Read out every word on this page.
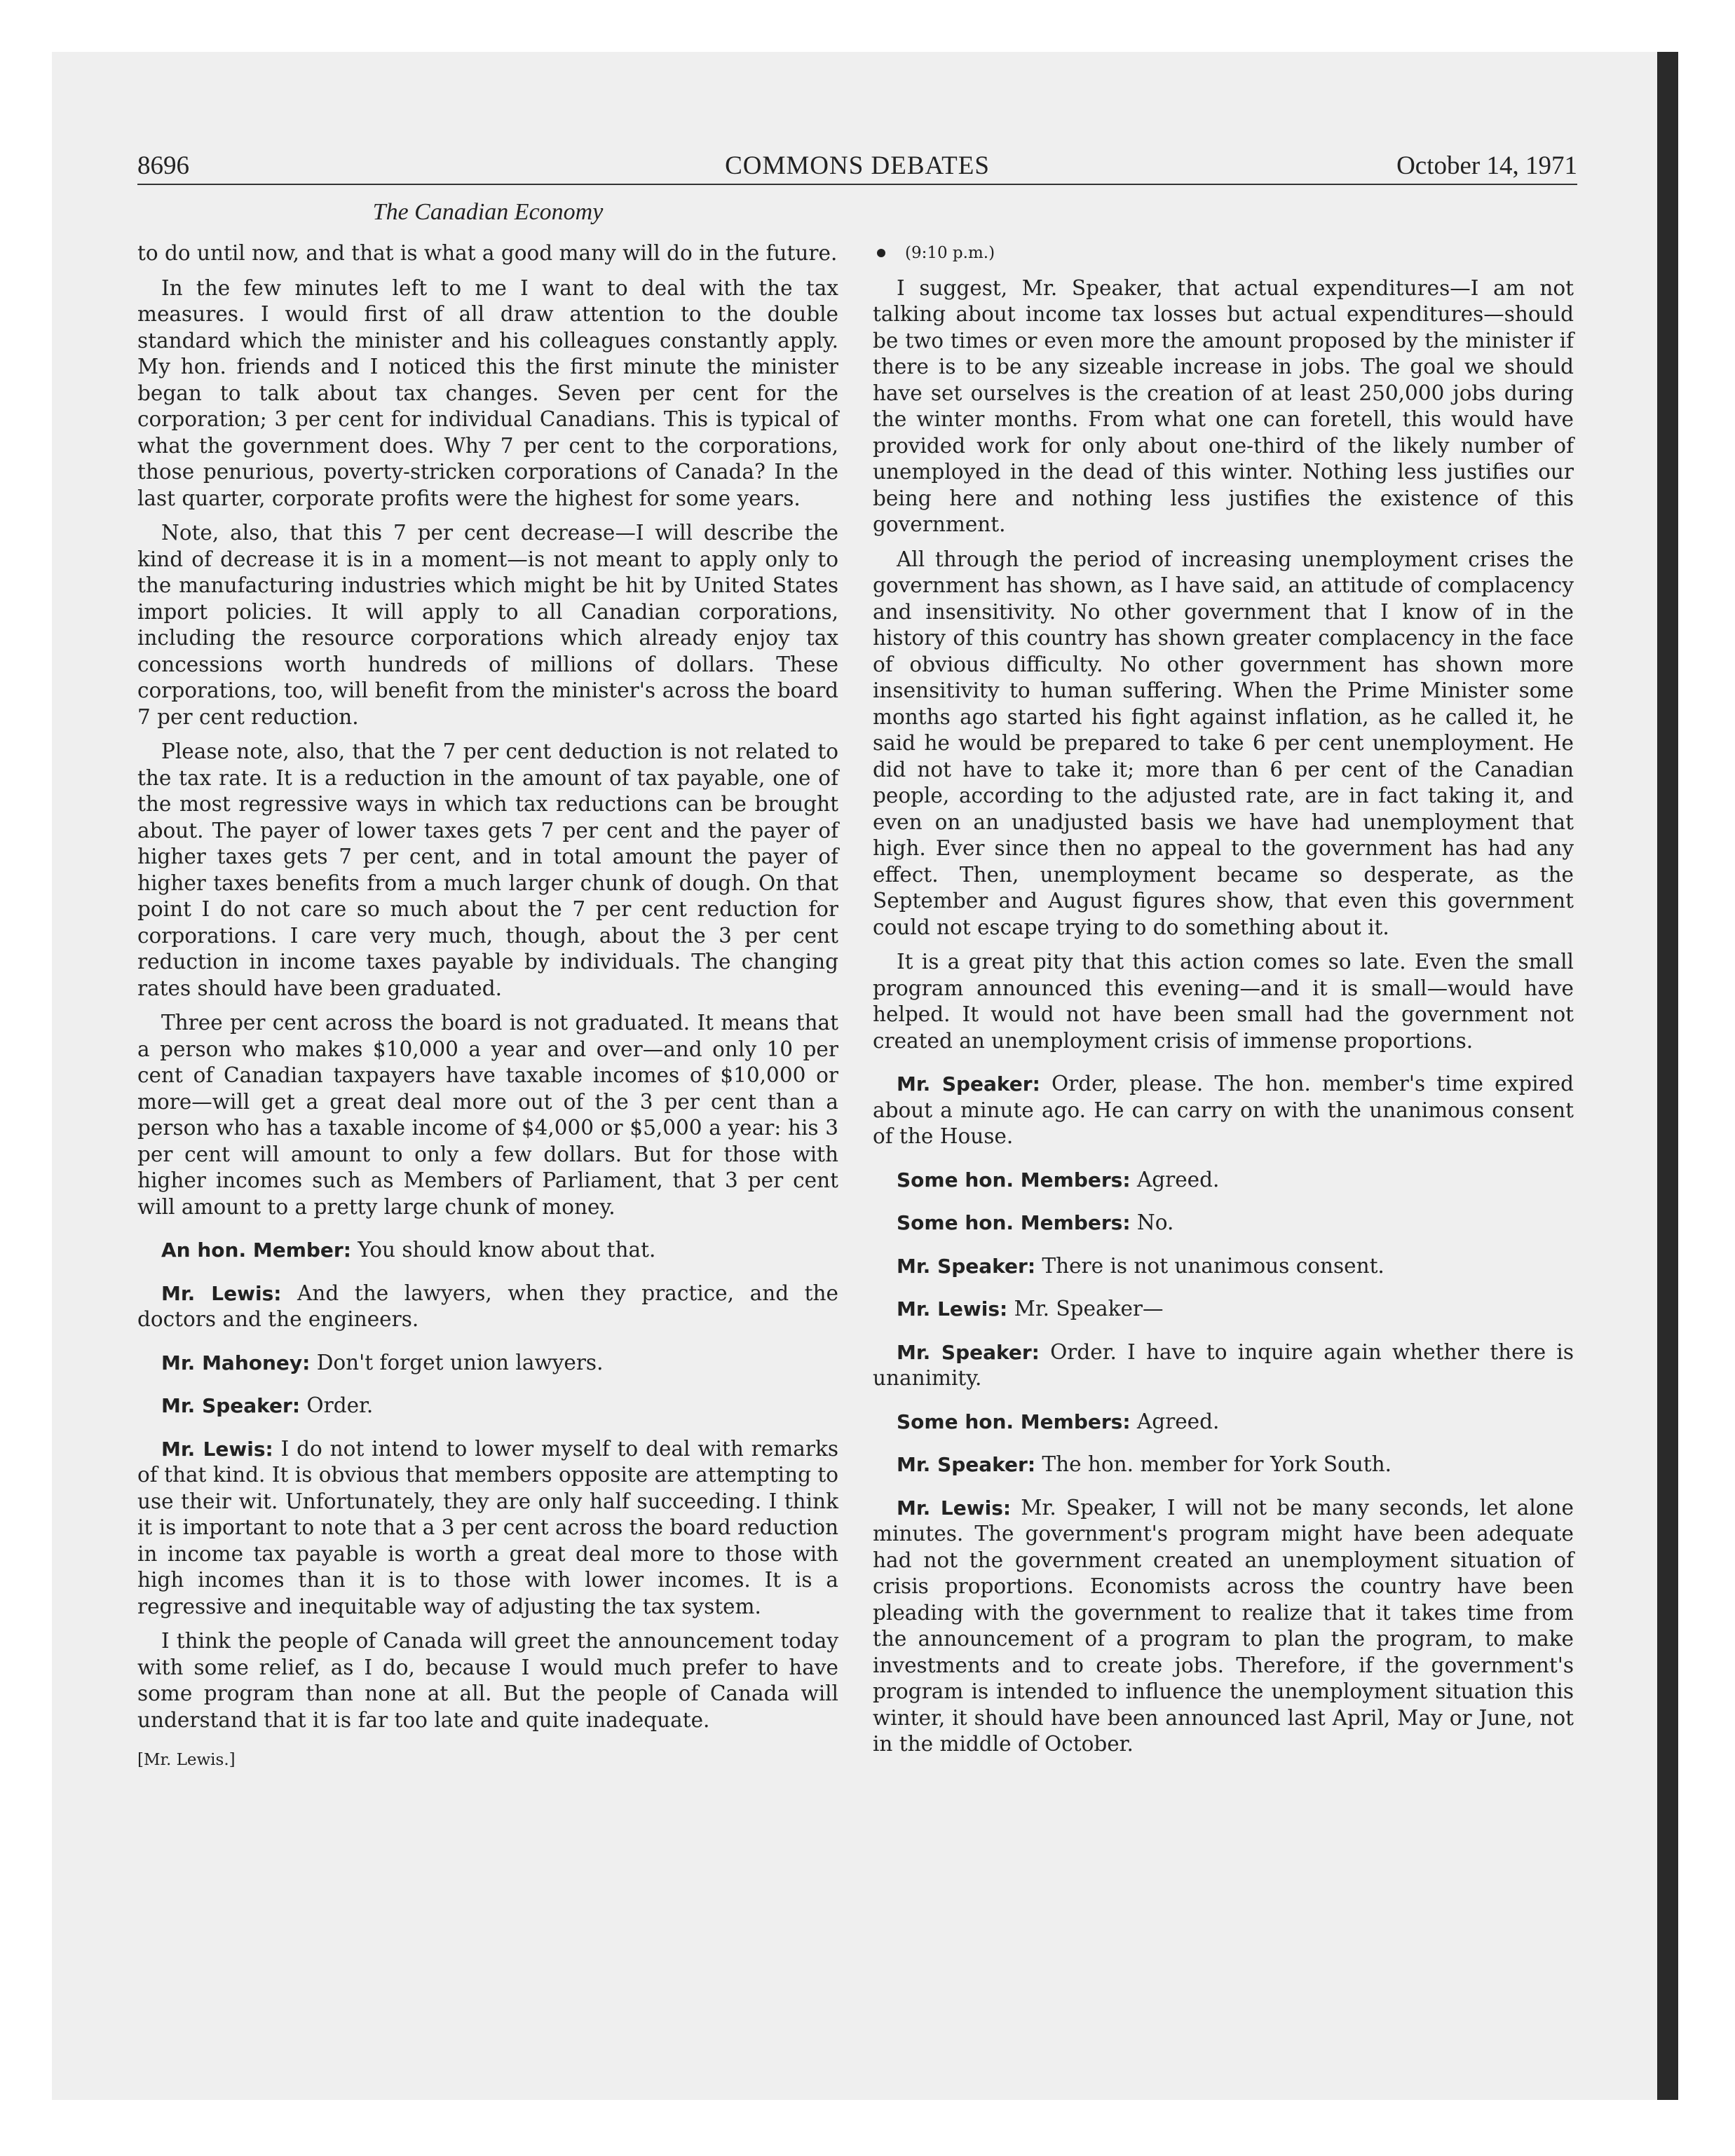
8696	COMMONS DEBATES	October 14, 1971
The Canadian Economy

to do until now, and that is what a good many will do in the future.

In the few minutes left to me I want to deal with the tax measures. I would first of all draw attention to the double standard which the minister and his colleagues constantly apply. My hon. friends and I noticed this the first minute the minister began to talk about tax changes. Seven per cent for the corporation; 3 per cent for individual Canadians. This is typical of what the government does. Why 7 per cent to the corporations, those penurious, poverty-stricken corporations of Canada? In the last quarter, corporate profits were the highest for some years.

Note, also, that this 7 per cent decrease—I will describe the kind of decrease it is in a moment—is not meant to apply only to the manufacturing industries which might be hit by United States import policies. It will apply to all Canadian corporations, including the resource corporations which already enjoy tax concessions worth hundreds of millions of dollars. These corporations, too, will benefit from the minister's across the board 7 per cent reduction.

Please note, also, that the 7 per cent deduction is not related to the tax rate. It is a reduction in the amount of tax payable, one of the most regressive ways in which tax reductions can be brought about. The payer of lower taxes gets 7 per cent and the payer of higher taxes gets 7 per cent, and in total amount the payer of higher taxes benefits from a much larger chunk of dough. On that point I do not care so much about the 7 per cent reduction for corporations. I care very much, though, about the 3 per cent reduction in income taxes payable by individuals. The changing rates should have been graduated.

Three per cent across the board is not graduated. It means that a person who makes $10,000 a year and over—and only 10 per cent of Canadian taxpayers have taxable incomes of $10,000 or more—will get a great deal more out of the 3 per cent than a person who has a taxable income of $4,000 or $5,000 a year: his 3 per cent will amount to only a few dollars. But for those with higher incomes such as Members of Parliament, that 3 per cent will amount to a pretty large chunk of money.

An hon. Member: You should know about that.

Mr. Lewis: And the lawyers, when they practice, and the doctors and the engineers.

Mr. Mahoney: Don't forget union lawyers.

Mr. Speaker: Order.

Mr. Lewis: I do not intend to lower myself to deal with remarks of that kind. It is obvious that members opposite are attempting to use their wit. Unfortunately, they are only half succeeding. I think it is important to note that a 3 per cent across the board reduction in income tax payable is worth a great deal more to those with high incomes than it is to those with lower incomes. It is a regressive and inequitable way of adjusting the tax system.

I think the people of Canada will greet the announcement today with some relief, as I do, because I would much prefer to have some program than none at all. But the people of Canada will understand that it is far too late and quite inadequate.

[Mr. Lewis.]

(9:10 p.m.)

I suggest, Mr. Speaker, that actual expenditures—I am not talking about income tax losses but actual expenditures—should be two times or even more the amount proposed by the minister if there is to be any sizeable increase in jobs. The goal we should have set ourselves is the creation of at least 250,000 jobs during the winter months. From what one can foretell, this would have provided work for only about one-third of the likely number of unemployed in the dead of this winter. Nothing less justifies our being here and nothing less justifies the existence of this government.

All through the period of increasing unemployment crises the government has shown, as I have said, an attitude of complacency and insensitivity. No other government that I know of in the history of this country has shown greater complacency in the face of obvious difficulty. No other government has shown more insensitivity to human suffering. When the Prime Minister some months ago started his fight against inflation, as he called it, he said he would be prepared to take 6 per cent unemployment. He did not have to take it; more than 6 per cent of the Canadian people, according to the adjusted rate, are in fact taking it, and even on an unadjusted basis we have had unemployment that high. Ever since then no appeal to the government has had any effect. Then, unemployment became so desperate, as the September and August figures show, that even this government could not escape trying to do something about it.

It is a great pity that this action comes so late. Even the small program announced this evening—and it is small—would have helped. It would not have been small had the government not created an unemployment crisis of immense proportions.

Mr. Speaker: Order, please. The hon. member's time expired about a minute ago. He can carry on with the unanimous consent of the House.

Some hon. Members: Agreed.

Some hon. Members: No.

Mr. Speaker: There is not unanimous consent.

Mr. Lewis: Mr. Speaker—

Mr. Speaker: Order. I have to inquire again whether there is unanimity.

Some hon. Members: Agreed.

Mr. Speaker: The hon. member for York South.

Mr. Lewis: Mr. Speaker, I will not be many seconds, let alone minutes. The government's program might have been adequate had not the government created an unemployment situation of crisis proportions. Economists across the country have been pleading with the government to realize that it takes time from the announcement of a program to plan the program, to make investments and to create jobs. Therefore, if the government's program is intended to influence the unemployment situation this winter, it should have been announced last April, May or June, not in the middle of October.
